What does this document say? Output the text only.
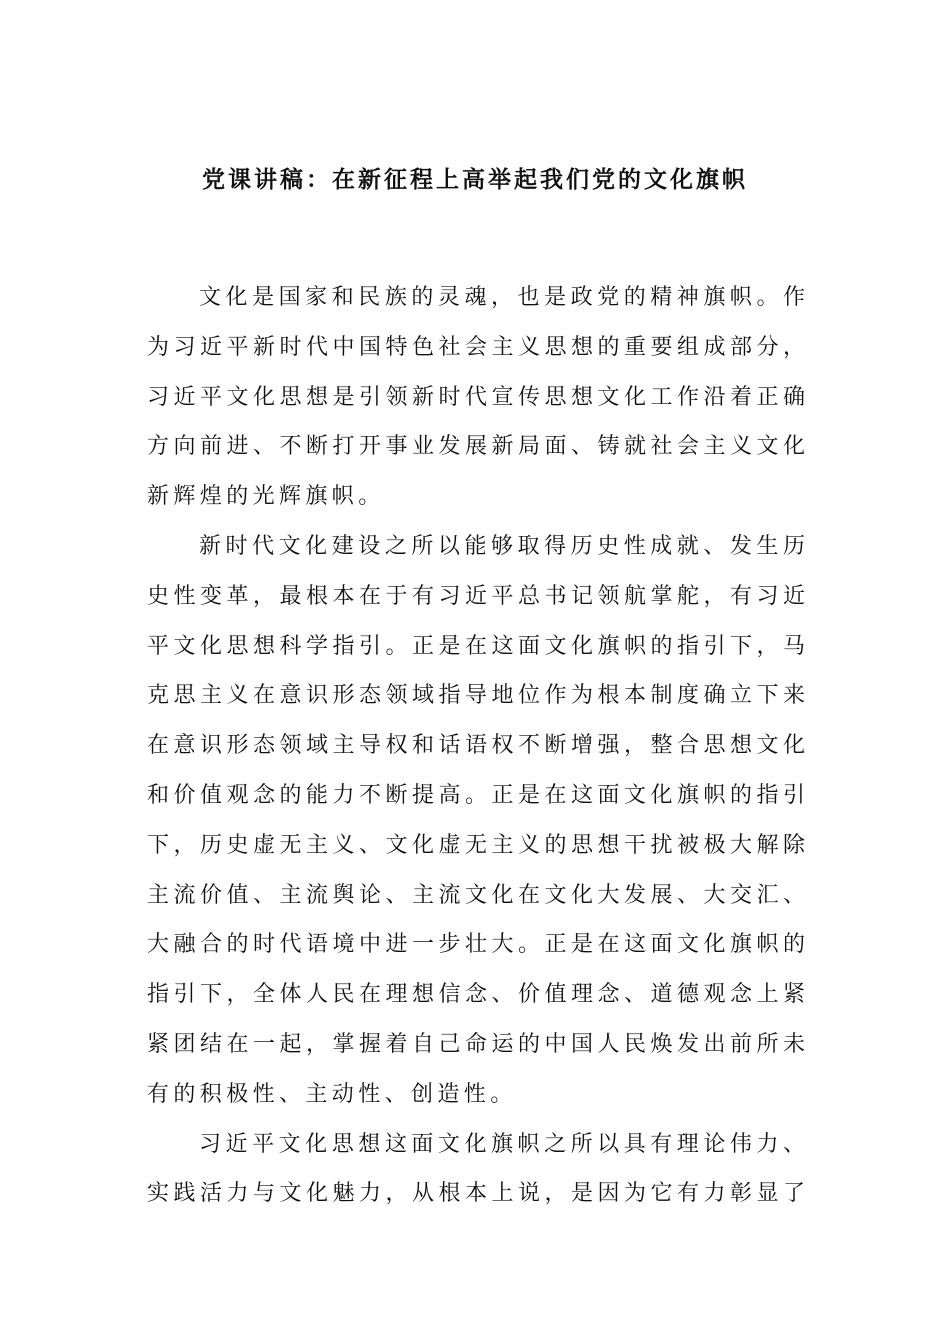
党课讲稿：在新征程上高举起我们党的文化旗帜
文化是国家和民族的灵魂，也是政党的精神旗帜。作
为习近平新时代中国特色社会主义思想的重要组成部分，
习近平文化思想是引领新时代宣传思想文化工作沿着正确
方向前进、不断打开事业发展新局面、铸就社会主义文化
新辉煌的光辉旗帜。
新时代文化建设之所以能够取得历史性成就、发生历
史性变革，最根本在于有习近平总书记领航掌舵，有习近
平文化思想科学指引。正是在这面文化旗帜的指引下，马
克思主义在意识形态领域指导地位作为根本制度确立下来
在意识形态领域主导权和话语权不断增强，整合思想文化
和价值观念的能力不断提高。正是在这面文化旗帜的指引
下，历史虚无主义、文化虚无主义的思想干扰被极大解除
主流价值、主流舆论、主流文化在文化大发展、大交汇、
大融合的时代语境中进一步壮大。正是在这面文化旗帜的
指引下，全体人民在理想信念、价值理念、道德观念上紧
紧团结在一起，掌握着自己命运的中国人民焕发出前所未
有的积极性、主动性、创造性。
习近平文化思想这面文化旗帜之所以具有理论伟力、
实践活力与文化魅力，从根本上说，是因为它有力彰显了
